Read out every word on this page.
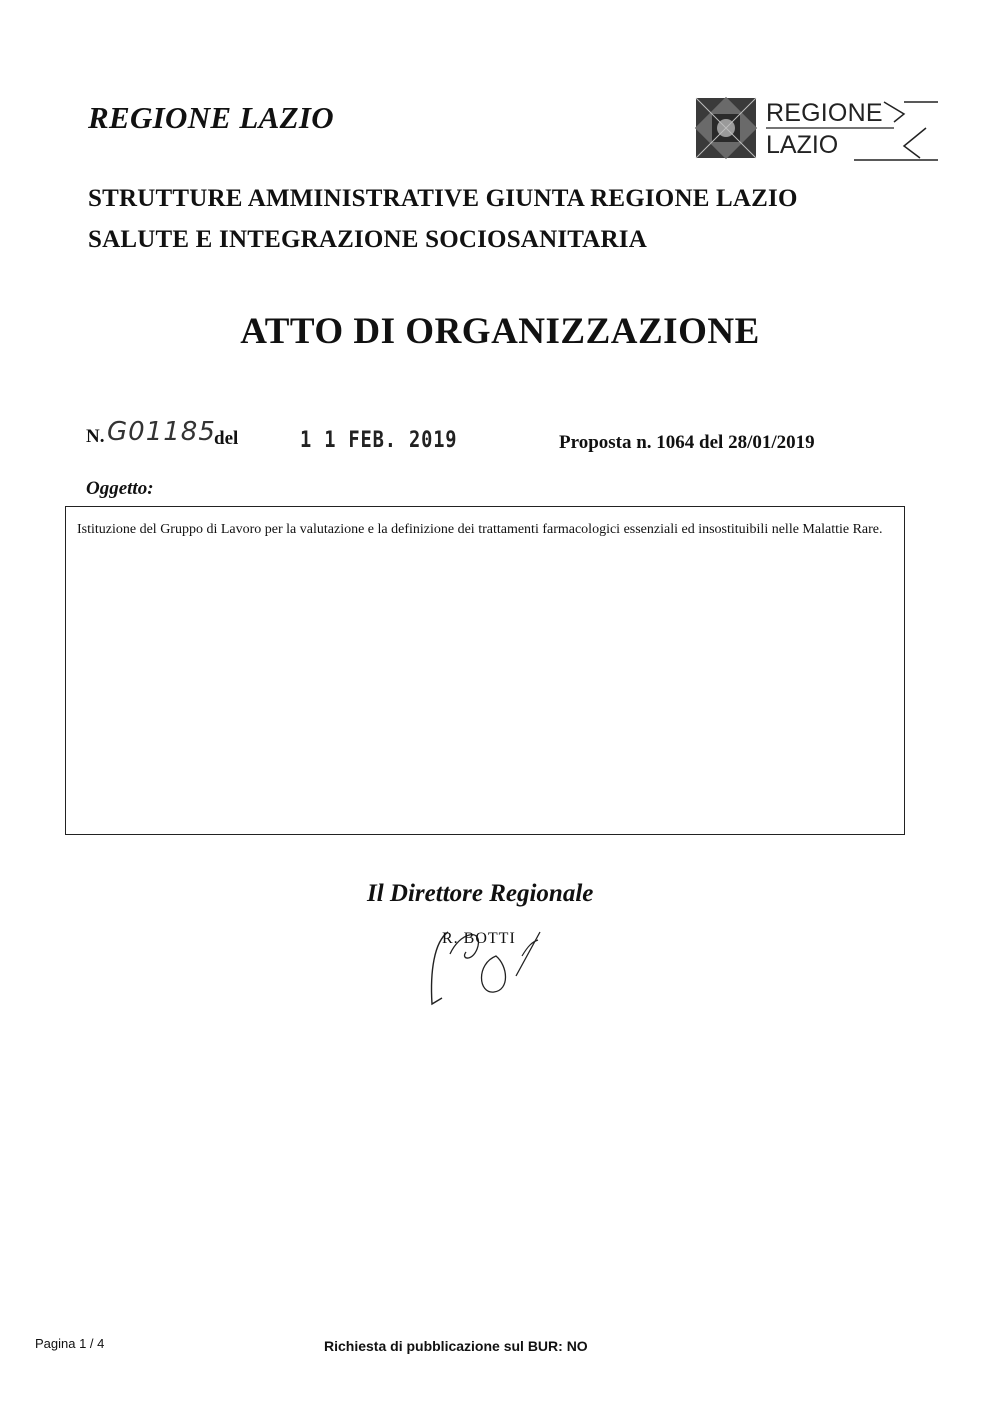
REGIONE LAZIO	REGIONE
LAZIO
STRUTTURE AMMINISTRATIVE GIUNTA REGIONE LAZIO
SALUTE E INTEGRAZIONE SOCIOSANITARIA
ATTO DI ORGANIZZAZIONE
N. G01185
del	1 1 FEB. 2019	Proposta n. 1064 del 28/01/2019
Oggetto:
Istituzione del Gruppo di Lavoro per la valutazione e la definizione dei trattamenti farmacologici essenziali ed insostituibili nelle Malattie Rare.
Il Direttore Regionale
R. BOTTI
Pagina 1 / 4	Richiesta di pubblicazione sul BUR: NO
